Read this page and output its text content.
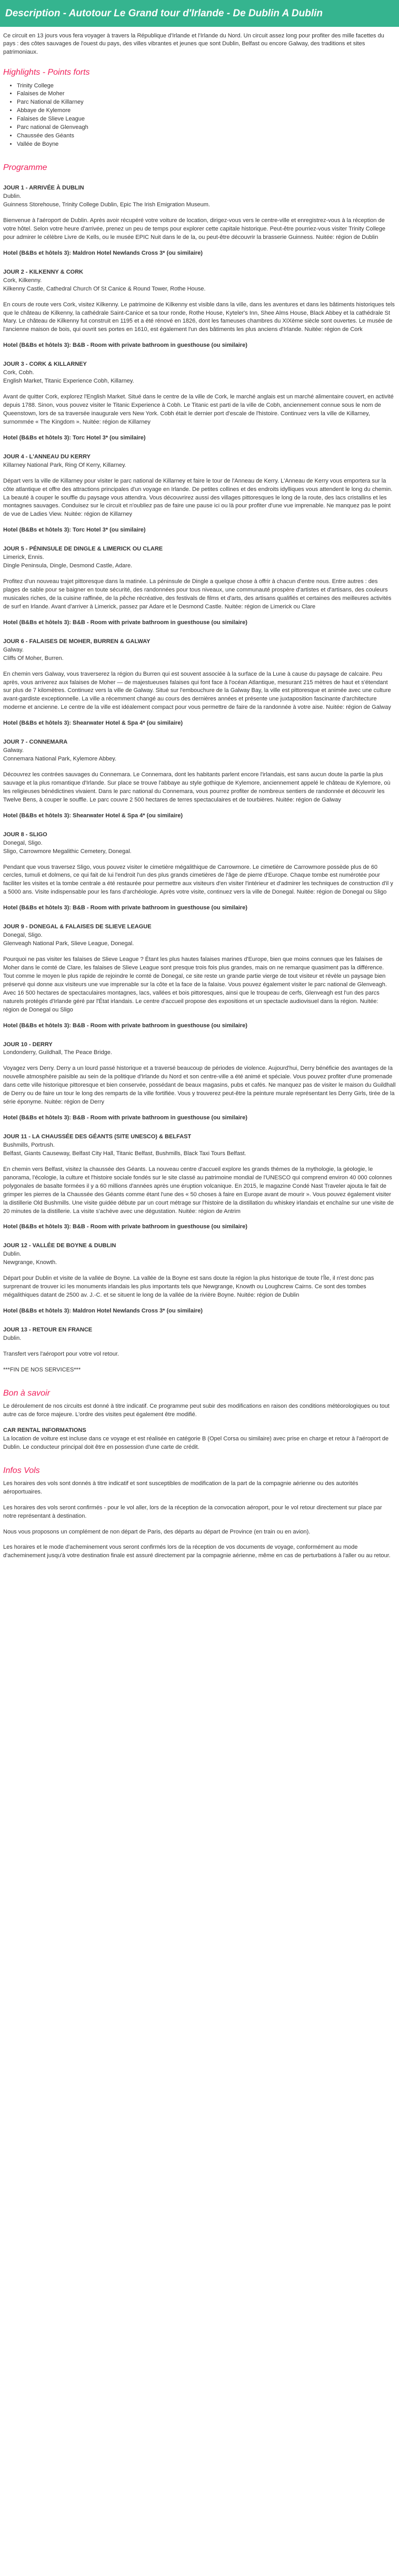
Description - Autotour Le Grand tour d'Irlande - De Dublin A Dublin

Ce circuit en 13 jours vous fera voyager à travers la République d'Irlande et l'Irlande du Nord. Un circuit assez long pour profiter des mille facettes du pays : des côtes sauvages de l'ouest du pays, des villes vibrantes et jeunes que sont Dublin, Belfast ou encore Galway, des traditions et sites patrimoniaux.

Highlights - Points forts
• Trinity College
• Falaises de Moher
• Parc National de Killarney
• Abbaye de Kylemore
• Falaises de Slieve League
• Parc national de Glenveagh
• Chaussée des Géants
• Vallée de Boyne
Programme

JOUR 1 - ARRIVÉE À DUBLIN

Dublin.

Guinness Storehouse, Trinity College Dublin, Epic The Irish Emigration Museum.

Bienvenue à l'aéroport de Dublin. Après avoir récupéré votre voiture de location, dirigez-vous vers le centre-ville et enregistrez-vous à la réception de votre hôtel. Selon votre heure d'arrivée, prenez un peu de temps pour explorer cette capitale historique. Peut-être pourriez-vous visiter Trinity College pour admirer le célèbre Livre de Kells, ou le musée EPIC Nuit dans le de la, ou peut-être découvrir la brasserie Guinness. Nuitée: région de Dublin

Hotel (B&Bs et hôtels 3): Maldron Hotel Newlands Cross 3* (ou similaire)

JOUR 2 - KILKENNY & CORK

Cork, Kilkenny.

Kilkenny Castle, Cathedral Church Of St Canice & Round Tower, Rothe House.

En cours de route vers Cork, visitez Kilkenny. Le patrimoine de Kilkenny est visible dans la ville, dans les aventures et dans les bâtiments historiques tels que le château de Kilkenny, la cathédrale Saint-Canice et sa tour ronde, Rothe House, Kyteler's Inn, Shee Alms House, Black Abbey et la cathédrale St Mary. Le château de Kilkenny fut construit en 1195 et a été rénové en 1826, dont les fameuses chambres du XIXème siècle sont ouvertes. Le musée de l'ancienne maison de bois, qui ouvrit ses portes en 1610, est également l'un des bâtiments les plus anciens d'Irlande. Nuitée: région de Cork

Hotel (B&Bs et hôtels 3): B&B - Room with private bathroom in guesthouse (ou similaire)

JOUR 3 - CORK & KILLARNEY

Cork, Cobh.

English Market, Titanic Experience Cobh, Killarney.

Avant de quitter Cork, explorez l'English Market. Situé dans le centre de la ville de Cork, le marché anglais est un marché alimentaire couvert, en activité depuis 1788. Sinon, vous pouvez visiter le Titanic Experience à Cobh. Le Titanic est parti de la ville de Cobh, anciennement connue sous le nom de Queenstown, lors de sa traversée inaugurale vers New York. Cobh était le dernier port d'escale de l'histoire. Continuez vers la ville de Killarney, surnommée « The Kingdom ». Nuitée: région de Killarney

Hotel (B&Bs et hôtels 3): Torc Hotel 3* (ou similaire)

JOUR 4 - L'ANNEAU DU KERRY

Killarney National Park, Ring Of Kerry, Killarney.

Départ vers la ville de Killarney pour visiter le parc national de Killarney et faire le tour de l'Anneau de Kerry. L'Anneau de Kerry vous emportera sur la côte atlantique et offre des attractions principales d'un voyage en Irlande. De petites collines et des endroits idylliques vous attendent le long du chemin. La beauté à couper le souffle du paysage vous attendra. Vous découvrirez aussi des villages pittoresques le long de la route, des lacs cristallins et les montagnes sauvages. Conduisez sur le circuit et n'oubliez pas de faire une pause ici ou là pour profiter d'une vue imprenable. Ne manquez pas le point de vue de Ladies View. Nuitée: région de Killarney

Hotel (B&Bs et hôtels 3): Torc Hotel 3* (ou similaire)

JOUR 5 - PÉNINSULE DE DINGLE & LIMERICK OU CLARE

Limerick, Ennis.

Dingle Peninsula, Dingle, Desmond Castle, Adare.

Profitez d'un nouveau trajet pittoresque dans la matinée. La péninsule de Dingle a quelque chose à offrir à chacun d'entre nous. Entre autres : des plages de sable pour se baigner en toute sécurité, des randonnées pour tous niveaux, une communauté prospère d'artistes et d'artisans, des couleurs musicales riches, de la cuisine raffinée, de la pêche récréative, des festivals de films et d'arts, des artisans qualifiés et certaines des meilleures activités de surf en Irlande. Avant d'arriver à Limerick, passez par Adare et le Desmond Castle. Nuitée: région de Limerick ou Clare

Hotel (B&Bs et hôtels 3): B&B - Room with private bathroom in guesthouse (ou similaire)

JOUR 6 - FALAISES DE MOHER, BURREN & GALWAY

Galway.

Cliffs Of Moher, Burren.

En chemin vers Galway, vous traverserez la région du Burren qui est souvent associée à la surface de la Lune à cause du paysage de calcaire. Peu après, vous arriverez aux falaises de Moher — de majestueuses falaises qui font face à l'océan Atlantique, mesurant 215 mètres de haut et s'étendant sur plus de 7 kilomètres. Continuez vers la ville de Galway. Situé sur l'embouchure de la Galway Bay, la ville est pittoresque et animée avec une culture avant-gardiste exceptionnelle. La ville a récemment changé au cours des dernières années et présente une juxtaposition fascinante d'architecture moderne et ancienne. Le centre de la ville est idéalement compact pour vous permettre de faire de la randonnée à votre aise. Nuitée: région de Galway

Hotel (B&Bs et hôtels 3): Shearwater Hotel & Spa 4* (ou similaire)

JOUR 7 - CONNEMARA

Galway.

Connemara National Park, Kylemore Abbey.

Découvrez les contrées sauvages du Connemara. Le Connemara, dont les habitants parlent encore l'irlandais, est sans aucun doute la partie la plus sauvage et la plus romantique d'Irlande. Sur place se trouve l'abbaye au style gothique de Kylemore, anciennement appelé le château de Kylemore, où les religieuses bénédictines vivaient. Dans le parc national du Connemara, vous pourrez profiter de nombreux sentiers de randonnée et découvrir les Twelve Bens, à couper le souffle. Le parc couvre 2 500 hectares de terres spectaculaires et de tourbières. Nuitée: région de Galway

Hotel (B&Bs et hôtels 3): Shearwater Hotel & Spa 4* (ou similaire)

JOUR 8 - SLIGO

Donegal, Sligo.

Sligo, Carrowmore Megalithic Cemetery, Donegal.

Pendant que vous traversez Sligo, vous pouvez visiter le cimetière mégalithique de Carrowmore. Le cimetière de Carrowmore possède plus de 60 cercles, tumuli et dolmens, ce qui fait de lui l'endroit l'un des plus grands cimetières de l'âge de pierre d'Europe. Chaque tombe est numérotée pour faciliter les visites et la tombe centrale a été restaurée pour permettre aux visiteurs d'en visiter l'intérieur et d'admirer les techniques de construction d'il y a 5000 ans. Visite indispensable pour les fans d'archéologie. Après votre visite, continuez vers la ville de Donegal. Nuitée: région de Donegal ou Sligo

Hotel (B&Bs et hôtels 3): B&B - Room with private bathroom in guesthouse (ou similaire)

JOUR 9 - DONEGAL & FALAISES DE SLIEVE LEAGUE

Donegal, Sligo.

Glenveagh National Park, Slieve League, Donegal.

Pourquoi ne pas visiter les falaises de Slieve League ? Étant les plus hautes falaises marines d'Europe, bien que moins connues que les falaises de Moher dans le comté de Clare, les falaises de Slieve League sont presque trois fois plus grandes, mais on ne remarque quasiment pas la différence. Tout comme le moyen le plus rapide de rejoindre le comté de Donegal, ce site reste un grande partie vierge de tout visiteur et révèle un paysage bien préservé qui donne aux visiteurs une vue imprenable sur la côte et la face de la falaise. Vous pouvez également visiter le parc national de Glenveagh. Avec 16 500 hectares de spectaculaires montagnes, lacs, vallées et bois pittoresques, ainsi que le troupeau de cerfs, Glenveagh est l'un des parcs naturels protégés d'Irlande géré par l'État irlandais. Le centre d'accueil propose des expositions et un spectacle audiovisuel dans la région. Nuitée: région de Donegal ou Sligo

Hotel (B&Bs et hôtels 3): B&B - Room with private bathroom in guesthouse (ou similaire)

JOUR 10 - DERRY

Londonderry, Guildhall, The Peace Bridge.

Voyagez vers Derry. Derry a un lourd passé historique et a traversé beaucoup de périodes de violence. Aujourd'hui, Derry bénéficie des avantages de la nouvelle atmosphère paisible au sein de la politique d'Irlande du Nord et son centre-ville a été animé et spéciale. Vous pouvez profiter d'une promenade dans cette ville historique pittoresque et bien conservée, possédant de beaux magasins, pubs et cafés. Ne manquez pas de visiter le maison du Guildhall de Derry ou de faire un tour le long des remparts de la ville fortifiée. Vous y trouverez peut-être la peinture murale représentant les Derry Girls, tirée de la série éponyme. Nuitée: région de Derry

Hotel (B&Bs et hôtels 3): B&B - Room with private bathroom in guesthouse (ou similaire)

JOUR 11 - LA CHAUSSÉE DES GÉANTS (SITE UNESCO) & BELFAST

Bushmills, Portrush.

Belfast, Giants Causeway, Belfast City Hall, Titanic Belfast, Bushmills, Black Taxi Tours Belfast.

En chemin vers Belfast, visitez la chaussée des Géants. La nouveau centre d'accueil explore les grands thèmes de la mythologie, la géologie, le panorama, l'écologie, la culture et l'histoire sociale fondés sur le site classé au patrimoine mondial de l'UNESCO qui comprend environ 40 000 colonnes polygonales de basalte formées il y a 60 millions d'années après une éruption volcanique. En 2015, le magazine Condé Nast Traveler ajouta le fait de grimper les pierres de la Chaussée des Géants comme étant l'une des « 50 choses à faire en Europe avant de mourir ». Vous pouvez également visiter la distillerie Old Bushmills. Une visite guidée débute par un court métrage sur l'histoire de la distillation du whiskey irlandais et enchaîne sur une visite de 20 minutes de la distillerie. La visite s'achève avec une dégustation. Nuitée: région de Antrim

Hotel (B&Bs et hôtels 3): B&B - Room with private bathroom in guesthouse (ou similaire)

JOUR 12 - VALLÉE DE BOYNE & DUBLIN

Dublin.

Newgrange, Knowth.

Départ pour Dublin et visite de la vallée de Boyne. La vallée de la Boyne est sans doute la région la plus historique de toute l'Île, il n'est donc pas surprenant de trouver ici les monuments irlandais les plus importants tels que Newgrange, Knowth ou Loughcrew Cairns. Ce sont des tombes mégalithiques datant de 2500 av. J.-C. et se situent le long de la vallée de la rivière Boyne. Nuitée: région de Dublin

Hotel (B&Bs et hôtels 3): Maldron Hotel Newlands Cross 3* (ou similaire)

JOUR 13 - RETOUR EN FRANCE

Dublin.

Transfert vers l'aéroport pour votre vol retour.

***FIN DE NOS SERVICES***

Bon à savoir

Le déroulement de nos circuits est donné à titre indicatif. Ce programme peut subir des modifications en raison des conditions météorologiques ou tout autre cas de force majeure. L'ordre des visites peut également être modifié.

CAR RENTAL INFORMATIONS

La location de voiture est incluse dans ce voyage et est réalisée en catégorie B (Opel Corsa ou similaire) avec prise en charge et retour à l'aéroport de Dublin. Le conducteur principal doit être en possession d'une carte de crédit.

Infos Vols

Les horaires des vols sont donnés à titre indicatif et sont susceptibles de modification de la part de la compagnie aérienne ou des autorités aéroportuaires.

Les horaires des vols seront confirmés - pour le vol aller, lors de la réception de la convocation aéroport, pour le vol retour directement sur place par notre représentant à destination.

Nous vous proposons un complément de non départ de Paris, des départs au départ de Province (en train ou en avion).

Les horaires et le mode d'acheminement vous seront confirmés lors de la réception de vos documents de voyage, conformément au mode d'acheminement jusqu'à votre destination finale est assuré directement par la compagnie aérienne, même en cas de perturbations à l'aller ou au retour.
